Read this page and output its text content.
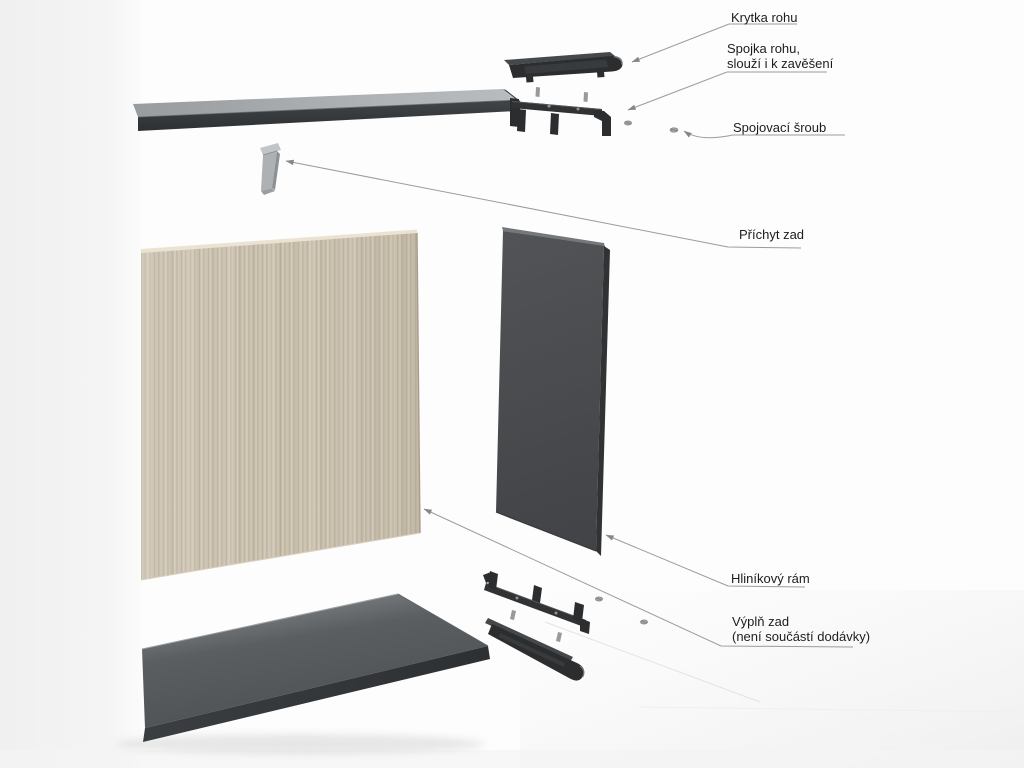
Krytka rohu
Spojka rohu,
slouží i k zavěšení
Spojovací šroub
Příchyt zad
Hliníkový rám
Výplň zad
(není součástí dodávky)
